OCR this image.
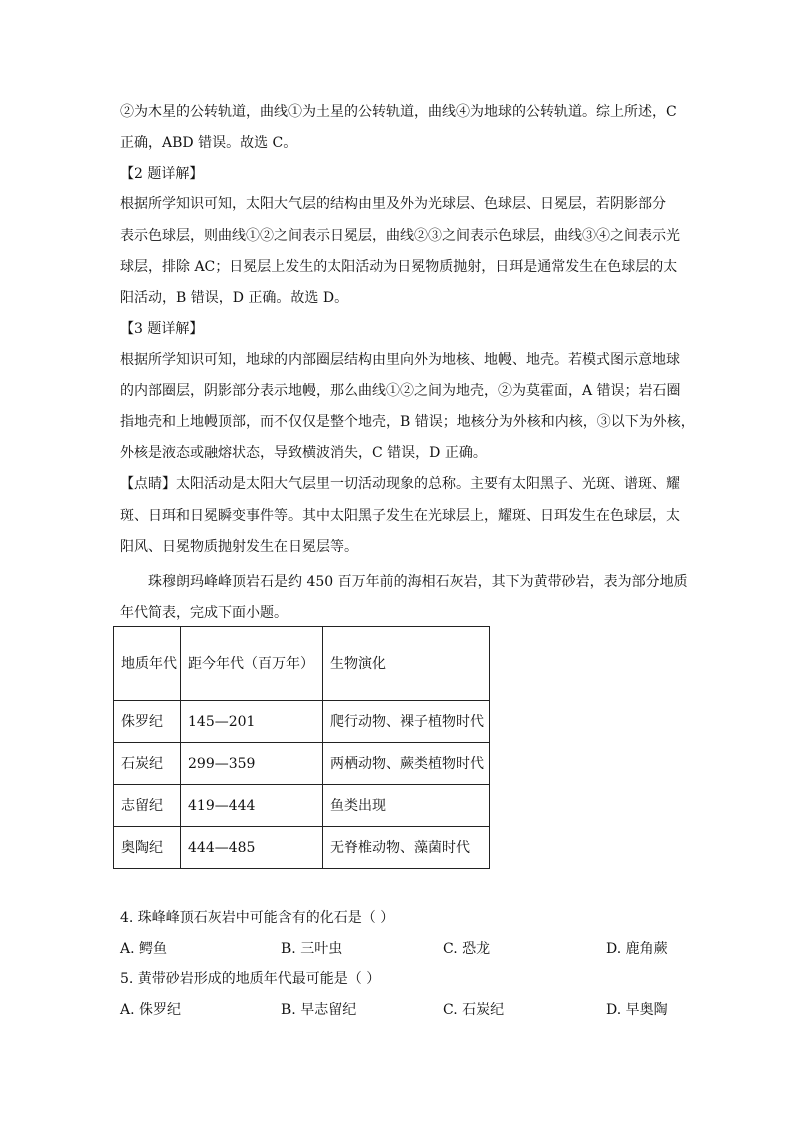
②为木星的公转轨道，曲线①为土星的公转轨道，曲线④为地球的公转轨道。综上所述，C
正确，ABD 错误。故选 C。
【2 题详解】
根据所学知识可知，太阳大气层的结构由里及外为光球层、色球层、日冕层，若阴影部分
表示色球层，则曲线①②之间表示日冕层，曲线②③之间表示色球层，曲线③④之间表示光
球层，排除 AC；日冕层上发生的太阳活动为日冕物质抛射，日珥是通常发生在色球层的太
阳活动，B 错误，D 正确。故选 D。
【3 题详解】
根据所学知识可知，地球的内部圈层结构由里向外为地核、地幔、地壳。若模式图示意地球
的内部圈层，阴影部分表示地幔，那么曲线①②之间为地壳，②为莫霍面，A 错误；岩石圈
指地壳和上地幔顶部，而不仅仅是整个地壳，B 错误；地核分为外核和内核，③以下为外核，
外核是液态或融熔状态，导致横波消失，C 错误，D 正确。
【点睛】太阳活动是太阳大气层里一切活动现象的总称。主要有太阳黑子、光斑、谱斑、耀
斑、日珥和日冕瞬变事件等。其中太阳黑子发生在光球层上，耀斑、日珥发生在色球层，太
阳风、日冕物质抛射发生在日冕层等。
珠穆朗玛峰峰顶岩石是约 450 百万年前的海相石灰岩，其下为黄带砂岩，表为部分地质
年代简表，完成下面小题。
地质年代	距今年代（百万年）	生物演化
侏罗纪	145—201	爬行动物、裸子植物时代
石炭纪	299—359	两栖动物、蕨类植物时代
志留纪	419—444	鱼类出现
奥陶纪	444—485	无脊椎动物、藻菌时代
4. 珠峰峰顶石灰岩中可能含有的化石是（ ）
A. 鳄鱼	B. 三叶虫	C. 恐龙	D. 鹿角蕨
5. 黄带砂岩形成的地质年代最可能是（ ）
A. 侏罗纪	B. 早志留纪	C. 石炭纪	D. 早奥陶
